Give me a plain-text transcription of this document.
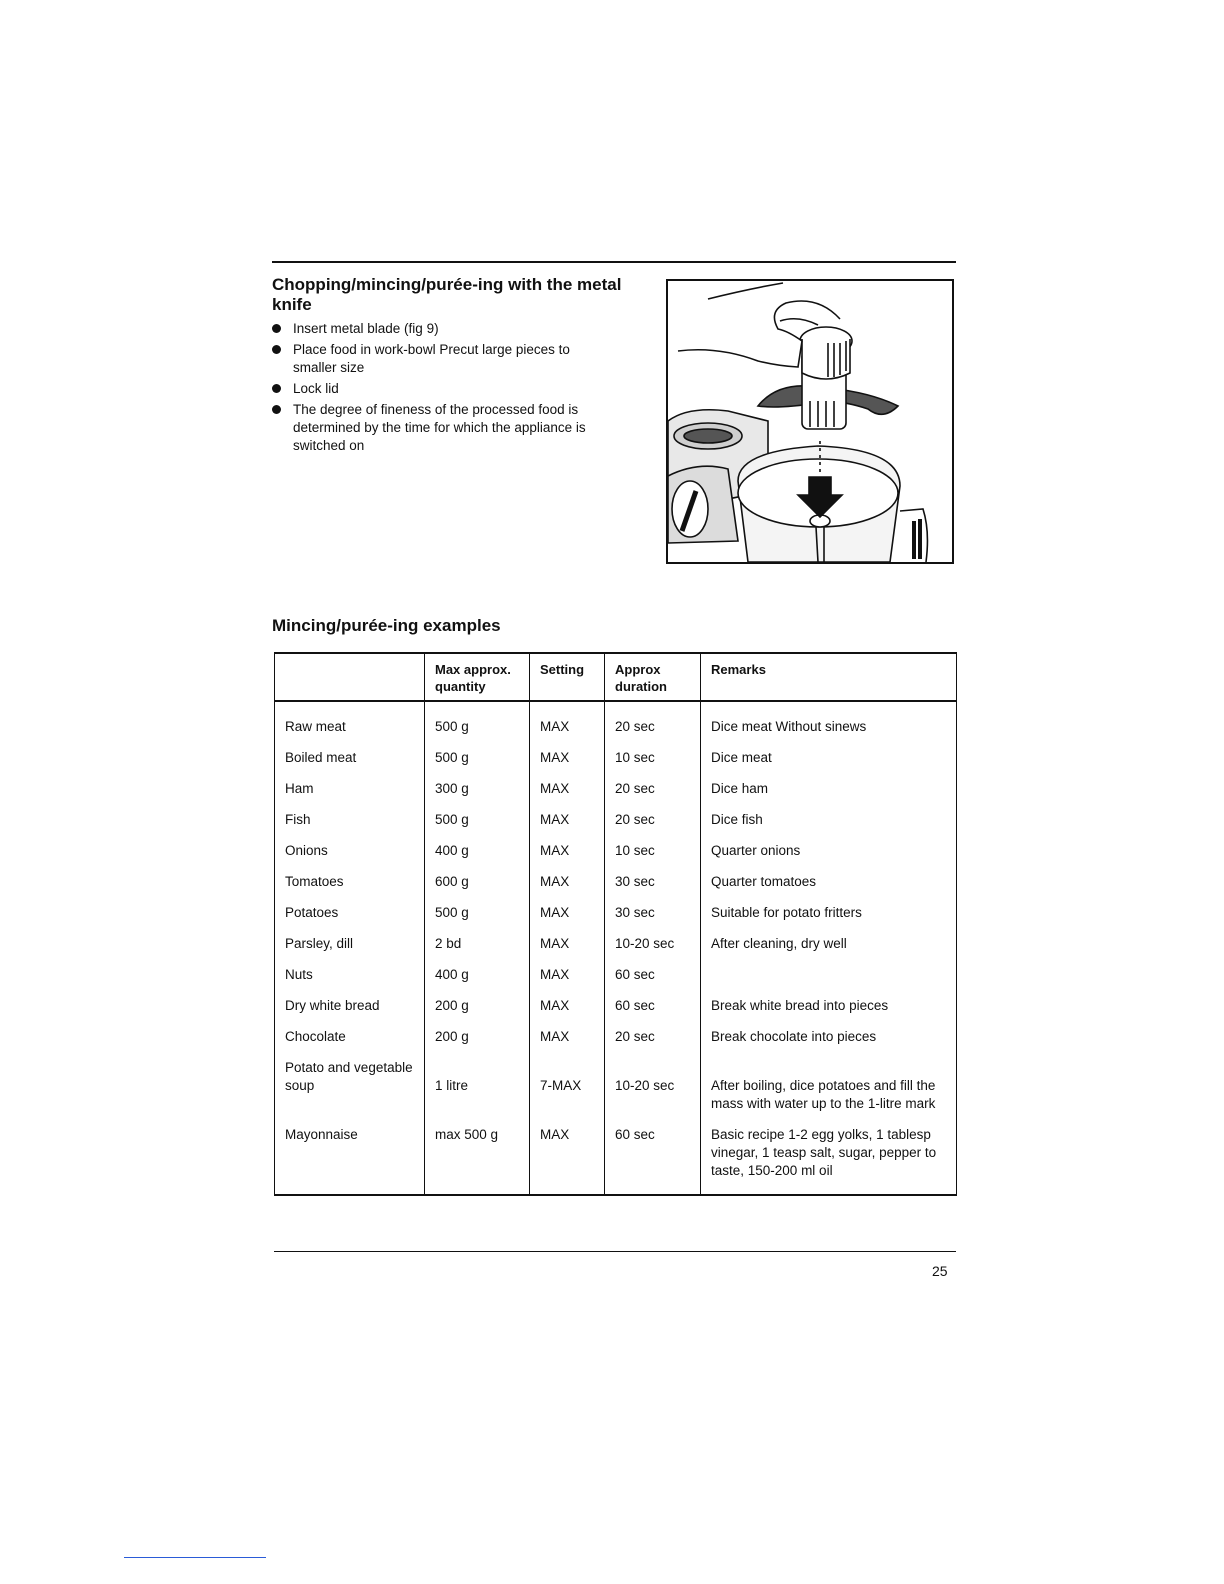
Chopping/mincing/purée-ing with the metal knife
Insert metal blade (fig 9)
Place food in work-bowl Precut large pieces to smaller size
Lock lid
The degree of fineness of the processed food is determined by the time for which the appliance is switched on
Mincing/purée-ing examples
	Max approx. quantity	Setting	Approx duration	Remarks
Raw meat	500 g	MAX	20 sec	Dice meat Without sinews
Boiled meat	500 g	MAX	10 sec	Dice meat
Ham	300 g	MAX	20 sec	Dice ham
Fish	500 g	MAX	20 sec	Dice fish
Onions	400 g	MAX	10 sec	Quarter onions
Tomatoes	600 g	MAX	30 sec	Quarter tomatoes
Potatoes	500 g	MAX	30 sec	Suitable for potato fritters
Parsley, dill	2 bd	MAX	10-20 sec	After cleaning, dry well
Nuts	400 g	MAX	60 sec	
Dry white bread	200 g	MAX	60 sec	Break white bread into pieces
Chocolate	200 g	MAX	20 sec	Break chocolate into pieces
Potato and vegetable soup	1 litre	7-MAX	10-20 sec	After boiling, dice potatoes and fill the mass with water up to the 1-litre mark
Mayonnaise	max 500 g	MAX	60 sec	Basic recipe 1-2 egg yolks, 1 tablesp vinegar, 1 teasp salt, sugar, pepper to taste, 150-200 ml oil
25
